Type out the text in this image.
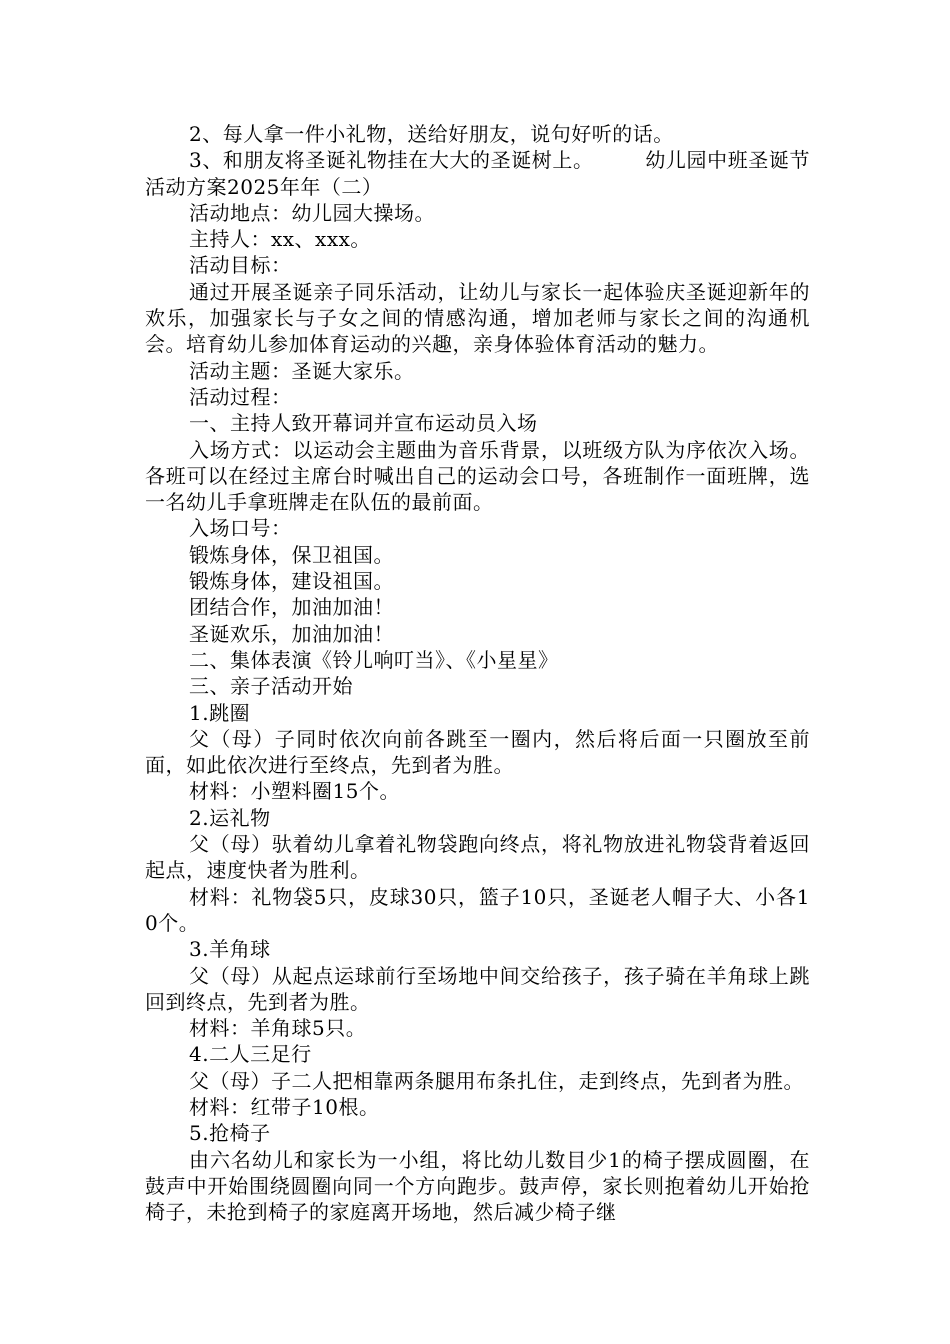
2、每人拿一件小礼物，送给好朋友，说句好听的话。

3、和朋友将圣诞礼物挂在大大的圣诞树上。　　　幼儿园中班圣诞节活动方案2025年年（二）

活动地点：幼儿园大操场。

主持人：xx、xxx。

活动目标：

通过开展圣诞亲子同乐活动，让幼儿与家长一起体验庆圣诞迎新年的欢乐，加强家长与子女之间的情感沟通，增加老师与家长之间的沟通机会。培育幼儿参加体育运动的兴趣，亲身体验体育活动的魅力。

活动主题：圣诞大家乐。

活动过程：

一、主持人致开幕词并宣布运动员入场

入场方式：以运动会主题曲为音乐背景，以班级方队为序依次入场。各班可以在经过主席台时喊出自己的运动会口号，各班制作一面班牌，选一名幼儿手拿班牌走在队伍的最前面。

入场口号：

锻炼身体，保卫祖国。

锻炼身体，建设祖国。

团结合作，加油加油！

圣诞欢乐，加油加油！

二、集体表演《铃儿响叮当》、《小星星》

三、亲子活动开始

1.跳圈

父（母）子同时依次向前各跳至一圈内，然后将后面一只圈放至前面，如此依次进行至终点，先到者为胜。

材料：小塑料圈15个。

2.运礼物

父（母）驮着幼儿拿着礼物袋跑向终点，将礼物放进礼物袋背着返回起点，速度快者为胜利。

材料：礼物袋5只，皮球30只，篮子10只，圣诞老人帽子大、小各10个。

3.羊角球

父（母）从起点运球前行至场地中间交给孩子，孩子骑在羊角球上跳回到终点，先到者为胜。

材料：羊角球5只。

4.二人三足行

父（母）子二人把相靠两条腿用布条扎住，走到终点，先到者为胜。

材料：红带子10根。

5.抢椅子

由六名幼儿和家长为一小组，将比幼儿数目少1的椅子摆成圆圈，在鼓声中开始围绕圆圈向同一个方向跑步。鼓声停，家长则抱着幼儿开始抢椅子，未抢到椅子的家庭离开场地，然后减少椅子继
